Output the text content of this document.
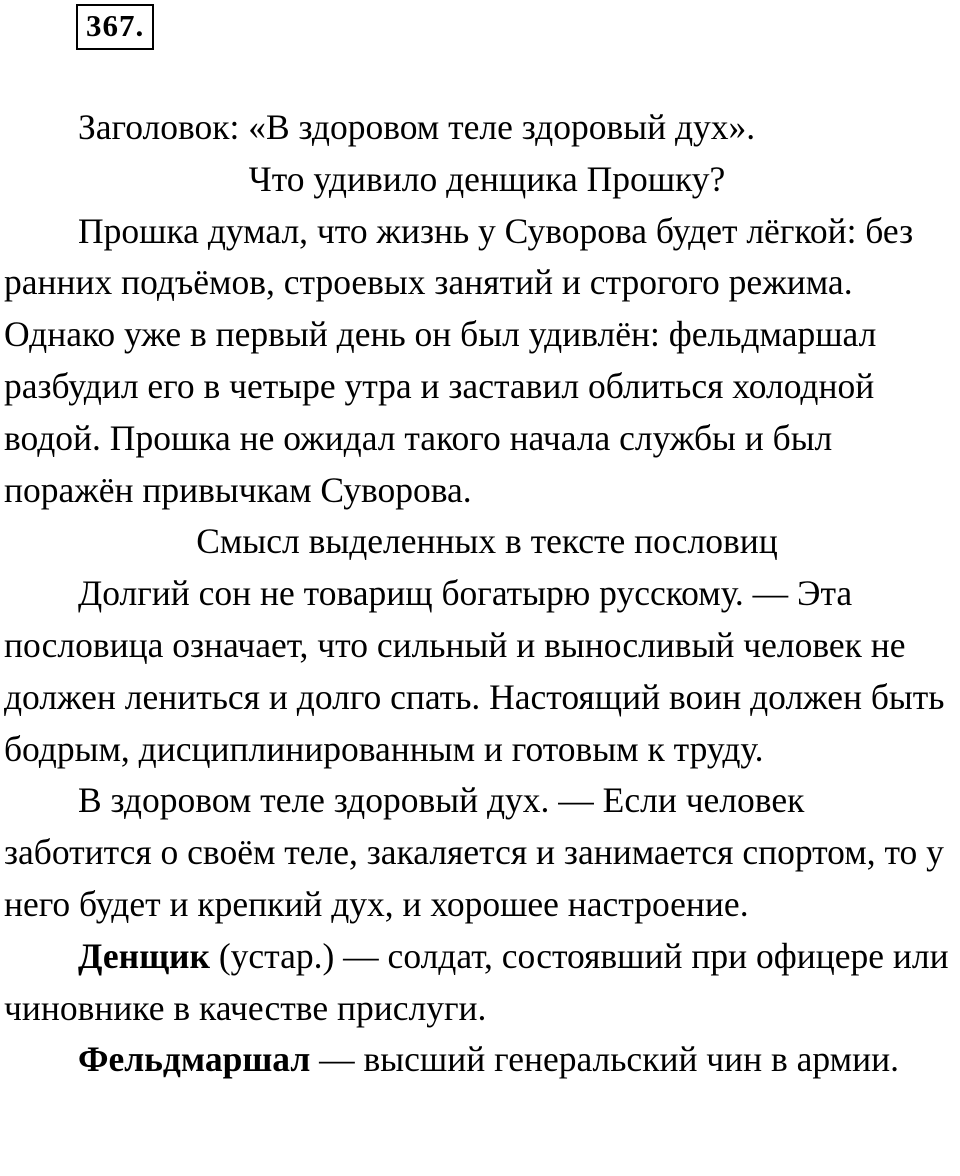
367.

Заголовок: «В здоровом теле здоровый дух».

Что удивило денщика Прошку?

Прошка думал, что жизнь у Суворова будет лёгкой: без ранних подъёмов, строевых занятий и строгого режима. Однако уже в первый день он был удивлён: фельдмаршал разбудил его в четыре утра и заставил облиться холодной водой. Прошка не ожидал такого начала службы и был поражён привычкам Суворова.

Смысл выделенных в тексте пословиц

Долгий сон не товарищ богатырю русскому. — Эта пословица означает, что сильный и выносливый человек не должен лениться и долго спать. Настоящий воин должен быть бодрым, дисциплинированным и готовым к труду.

В здоровом теле здоровый дух. — Если человек заботится о своём теле, закаляется и занимается спортом, то у него будет и крепкий дух, и хорошее настроение.

Денщик (устар.) — солдат, состоявший при офицере или чиновнике в качестве прислуги.

Фельдмаршал — высший генеральский чин в армии.
